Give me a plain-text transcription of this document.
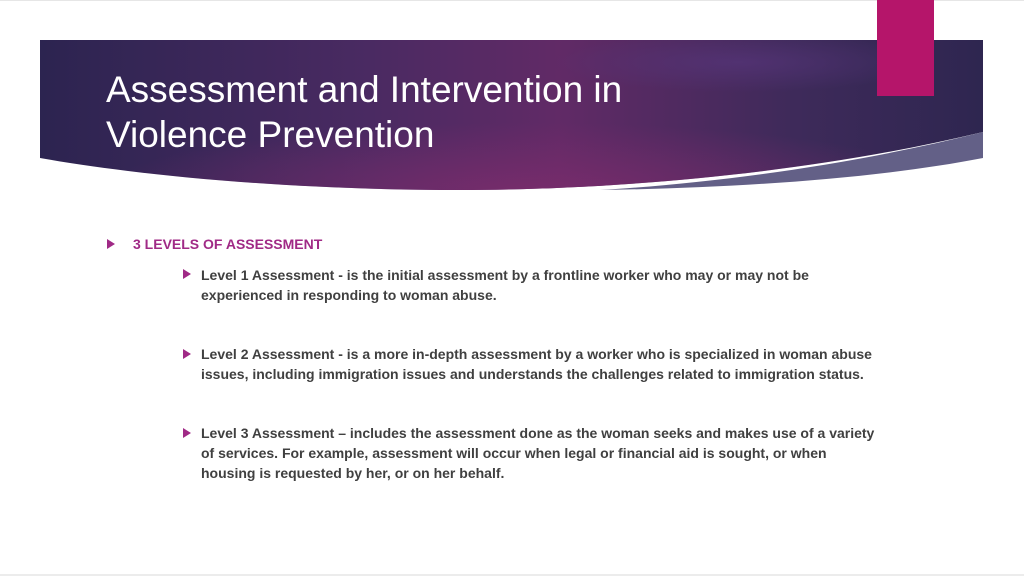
Assessment and Intervention in
Violence Prevention

3 LEVELS OF ASSESSMENT

Level 1 Assessment - is the initial assessment by a frontline worker who may or may not be
experienced in responding to woman abuse.

Level 2 Assessment - is a more in-depth assessment by a worker who is specialized in woman abuse
issues, including immigration issues and understands the challenges related to immigration status.

Level 3 Assessment – includes the assessment done as the woman seeks and makes use of a variety
of services. For example, assessment will occur when legal or financial aid is sought, or when
housing is requested by her, or on her behalf.
